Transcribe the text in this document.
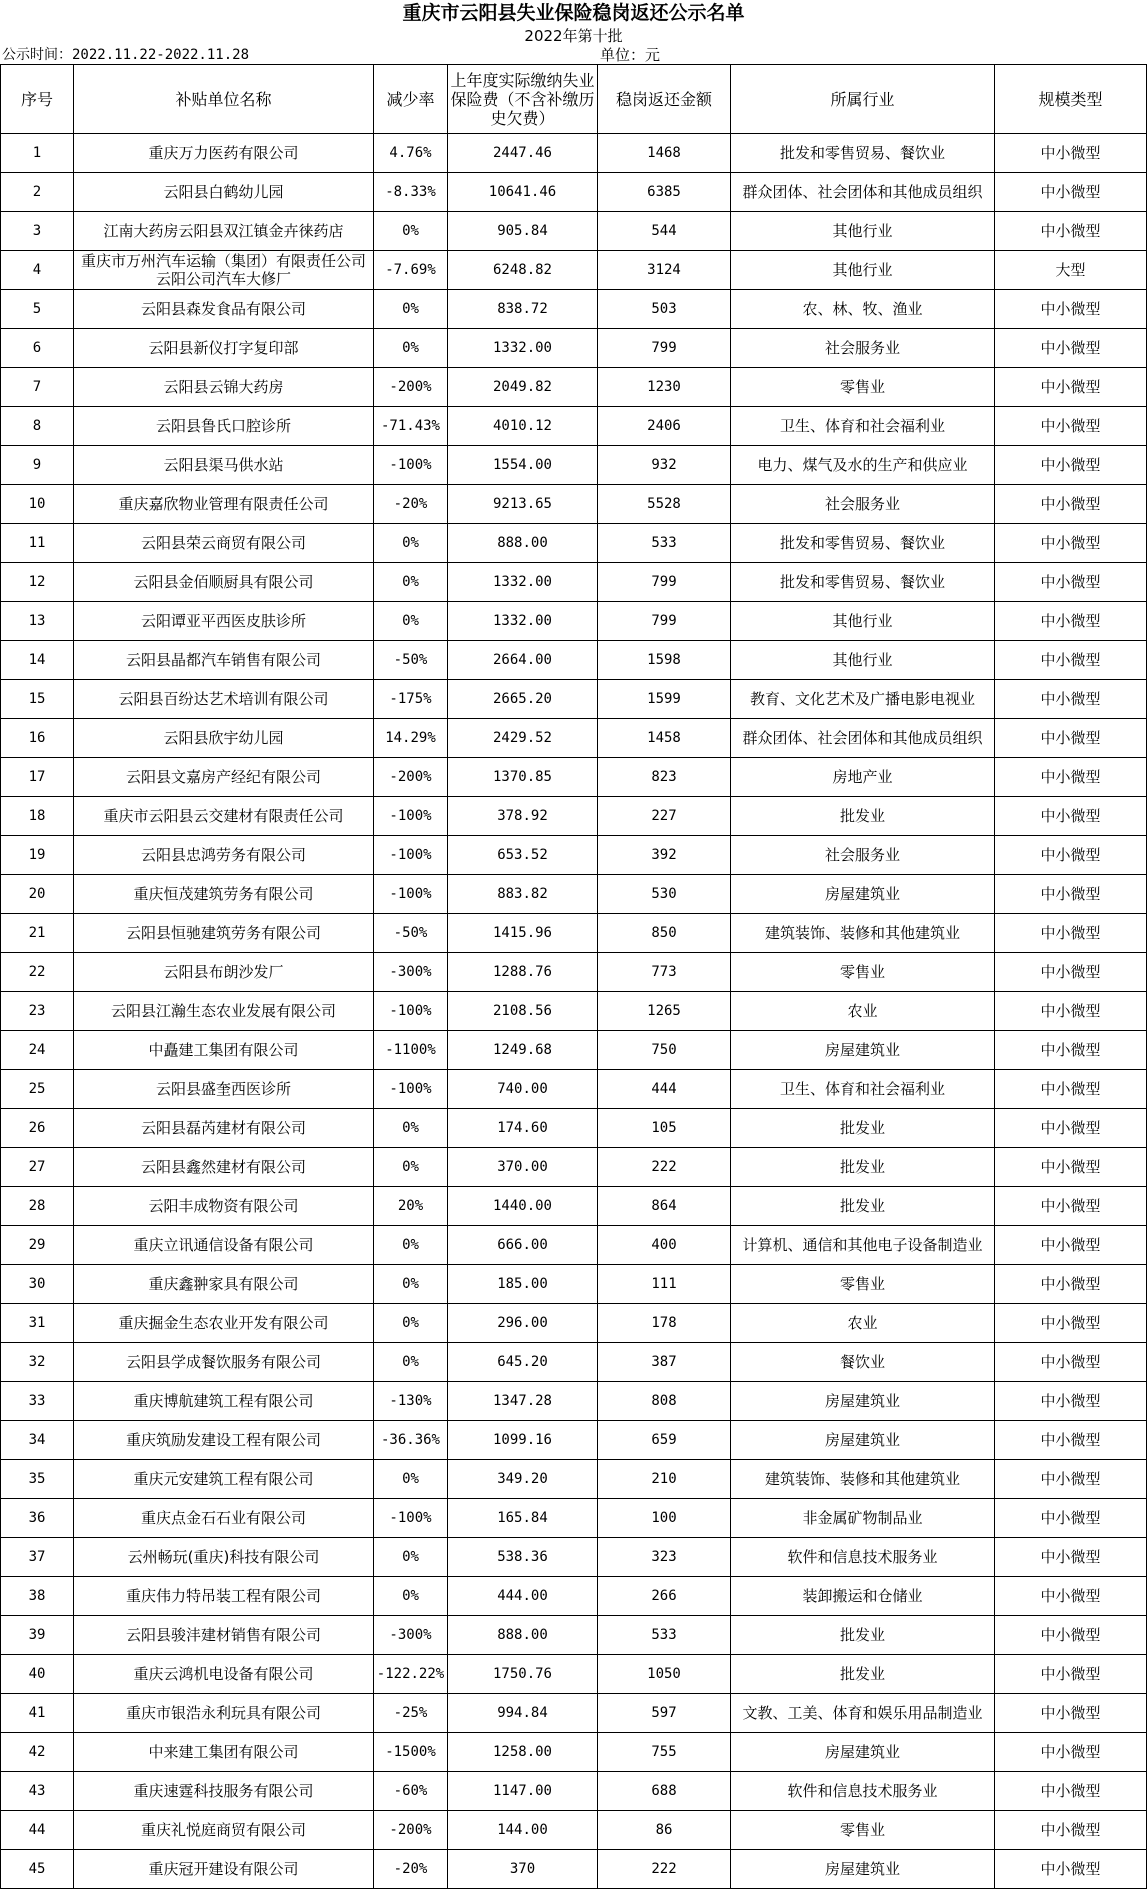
重庆市云阳县失业保险稳岗返还公示名单
2022年第十批
公示时间：2022.11.22-2022.11.28	单位：元
序号	补贴单位名称	减少率	上年度实际缴纳失业保险费（不含补缴历史欠费）	稳岗返还金额	所属行业	规模类型
1	重庆万力医药有限公司	4.76%	2447.46	1468	批发和零售贸易、餐饮业	中小微型
2	云阳县白鹤幼儿园	-8.33%	10641.46	6385	群众团体、社会团体和其他成员组织	中小微型
3	江南大药房云阳县双江镇金卉徕药店	0%	905.84	544	其他行业	中小微型
4	重庆市万州汽车运输（集团）有限责任公司云阳公司汽车大修厂	-7.69%	6248.82	3124	其他行业	大型
5	云阳县森发食品有限公司	0%	838.72	503	农、林、牧、渔业	中小微型
6	云阳县新仪打字复印部	0%	1332.00	799	社会服务业	中小微型
7	云阳县云锦大药房	-200%	2049.82	1230	零售业	中小微型
8	云阳县鲁氏口腔诊所	-71.43%	4010.12	2406	卫生、体育和社会福利业	中小微型
9	云阳县渠马供水站	-100%	1554.00	932	电力、煤气及水的生产和供应业	中小微型
10	重庆嘉欣物业管理有限责任公司	-20%	9213.65	5528	社会服务业	中小微型
11	云阳县荣云商贸有限公司	0%	888.00	533	批发和零售贸易、餐饮业	中小微型
12	云阳县金佰顺厨具有限公司	0%	1332.00	799	批发和零售贸易、餐饮业	中小微型
13	云阳谭亚平西医皮肤诊所	0%	1332.00	799	其他行业	中小微型
14	云阳县晶都汽车销售有限公司	-50%	2664.00	1598	其他行业	中小微型
15	云阳县百纷达艺术培训有限公司	-175%	2665.20	1599	教育、文化艺术及广播电影电视业	中小微型
16	云阳县欣宇幼儿园	14.29%	2429.52	1458	群众团体、社会团体和其他成员组织	中小微型
17	云阳县文嘉房产经纪有限公司	-200%	1370.85	823	房地产业	中小微型
18	重庆市云阳县云交建材有限责任公司	-100%	378.92	227	批发业	中小微型
19	云阳县忠鸿劳务有限公司	-100%	653.52	392	社会服务业	中小微型
20	重庆恒茂建筑劳务有限公司	-100%	883.82	530	房屋建筑业	中小微型
21	云阳县恒驰建筑劳务有限公司	-50%	1415.96	850	建筑装饰、装修和其他建筑业	中小微型
22	云阳县布朗沙发厂	-300%	1288.76	773	零售业	中小微型
23	云阳县江瀚生态农业发展有限公司	-100%	2108.56	1265	农业	中小微型
24	中矗建工集团有限公司	-1100%	1249.68	750	房屋建筑业	中小微型
25	云阳县盛奎西医诊所	-100%	740.00	444	卫生、体育和社会福利业	中小微型
26	云阳县磊芮建材有限公司	0%	174.60	105	批发业	中小微型
27	云阳县鑫然建材有限公司	0%	370.00	222	批发业	中小微型
28	云阳丰成物资有限公司	20%	1440.00	864	批发业	中小微型
29	重庆立讯通信设备有限公司	0%	666.00	400	计算机、通信和其他电子设备制造业	中小微型
30	重庆鑫翀家具有限公司	0%	185.00	111	零售业	中小微型
31	重庆掘金生态农业开发有限公司	0%	296.00	178	农业	中小微型
32	云阳县学成餐饮服务有限公司	0%	645.20	387	餐饮业	中小微型
33	重庆博航建筑工程有限公司	-130%	1347.28	808	房屋建筑业	中小微型
34	重庆筑励发建设工程有限公司	-36.36%	1099.16	659	房屋建筑业	中小微型
35	重庆元安建筑工程有限公司	0%	349.20	210	建筑装饰、装修和其他建筑业	中小微型
36	重庆点金石石业有限公司	-100%	165.84	100	非金属矿物制品业	中小微型
37	云州畅玩(重庆)科技有限公司	0%	538.36	323	软件和信息技术服务业	中小微型
38	重庆伟力特吊装工程有限公司	0%	444.00	266	装卸搬运和仓储业	中小微型
39	云阳县骏沣建材销售有限公司	-300%	888.00	533	批发业	中小微型
40	重庆云鸿机电设备有限公司	-122.22%	1750.76	1050	批发业	中小微型
41	重庆市银浩永利玩具有限公司	-25%	994.84	597	文教、工美、体育和娱乐用品制造业	中小微型
42	中来建工集团有限公司	-1500%	1258.00	755	房屋建筑业	中小微型
43	重庆速霆科技服务有限公司	-60%	1147.00	688	软件和信息技术服务业	中小微型
44	重庆礼悦庭商贸有限公司	-200%	144.00	86	零售业	中小微型
45	重庆冠开建设有限公司	-20%	370	222	房屋建筑业	中小微型
